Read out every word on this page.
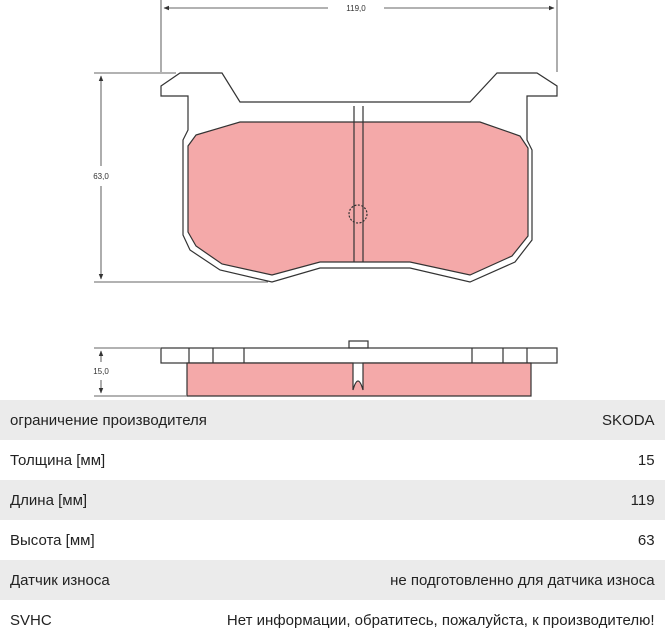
119,0
63,0
15,0
ограничение производителя	SKODA
Толщина [мм]	15
Длина [мм]	119
Высота [мм]	63
Датчик износа	не подготовленно для датчика износа
SVHC	Нет информации, обратитесь, пожалуйста, к производителю!
